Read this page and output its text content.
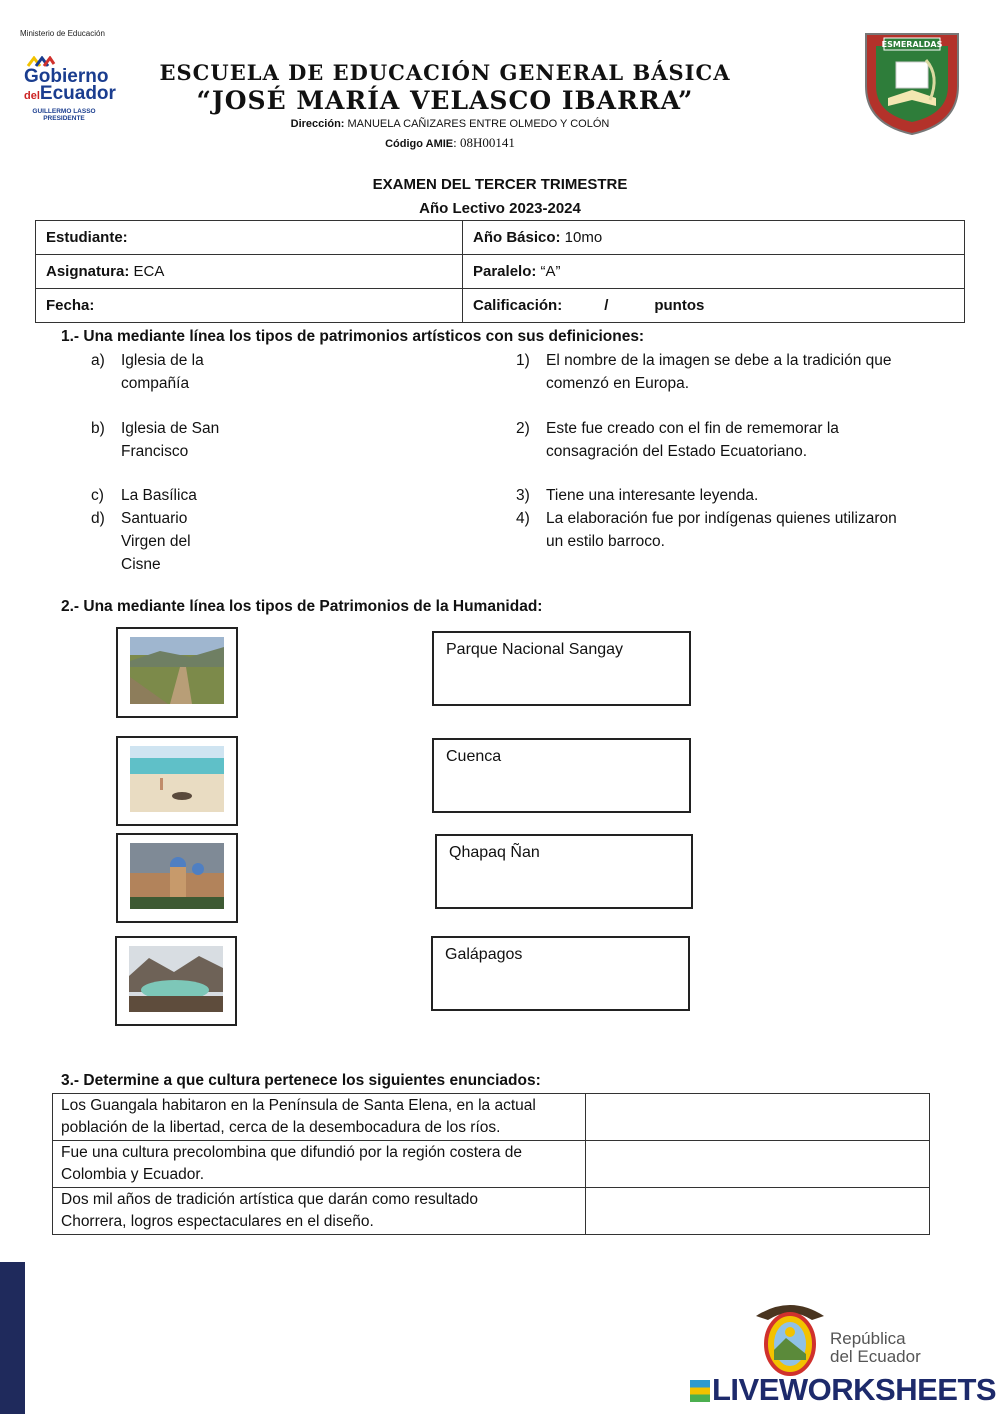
Ministerio de Educación
Gobierno
delEcuador
GUILLERMO LASSO
PRESIDENTE
ESCUELA DE EDUCACIÓN GENERAL BÁSICA
“JOSÉ MARÍA VELASCO IBARRA”
Dirección: MANUELA CAÑIZARES ENTRE OLMEDO Y COLÓN
Código AMIE: 08H00141
ESMERALDAS
EXAMEN DEL TERCER TRIMESTRE
Año Lectivo 2023-2024
Estudiante:	Año Básico: 10mo
Asignatura: ECA	Paralelo: “A”
Fecha:	Calificación: / puntos
1.- Una mediante línea los tipos de patrimonios artísticos con sus definiciones:
a) Iglesia de la
compañía
b) Iglesia de San
Francisco
c) La Basílica
d) Santuario
Virgen del
Cisne
1) El nombre de la imagen se debe a la tradición que
comenzó en Europa.
2) Este fue creado con el fin de rememorar la
consagración del Estado Ecuatoriano.
3) Tiene una interesante leyenda.
4) La elaboración fue por indígenas quienes utilizaron
un estilo barroco.
2.- Una mediante línea los tipos de Patrimonios de la Humanidad:
Parque Nacional Sangay
Cuenca
Qhapaq Ñan
Galápagos
3.- Determine a que cultura pertenece los siguientes enunciados:
Los Guangala habitaron en la Península de Santa Elena, en la actual
población de la libertad, cerca de la desembocadura de los ríos.	

Fue una cultura precolombina que difundió por la región costera de
Colombia y Ecuador.	

Dos mil años de tradición artística que darán como resultado
Chorrera, logros espectaculares en el diseño.	

República
del Ecuador
LIVEWORKSHEETS
